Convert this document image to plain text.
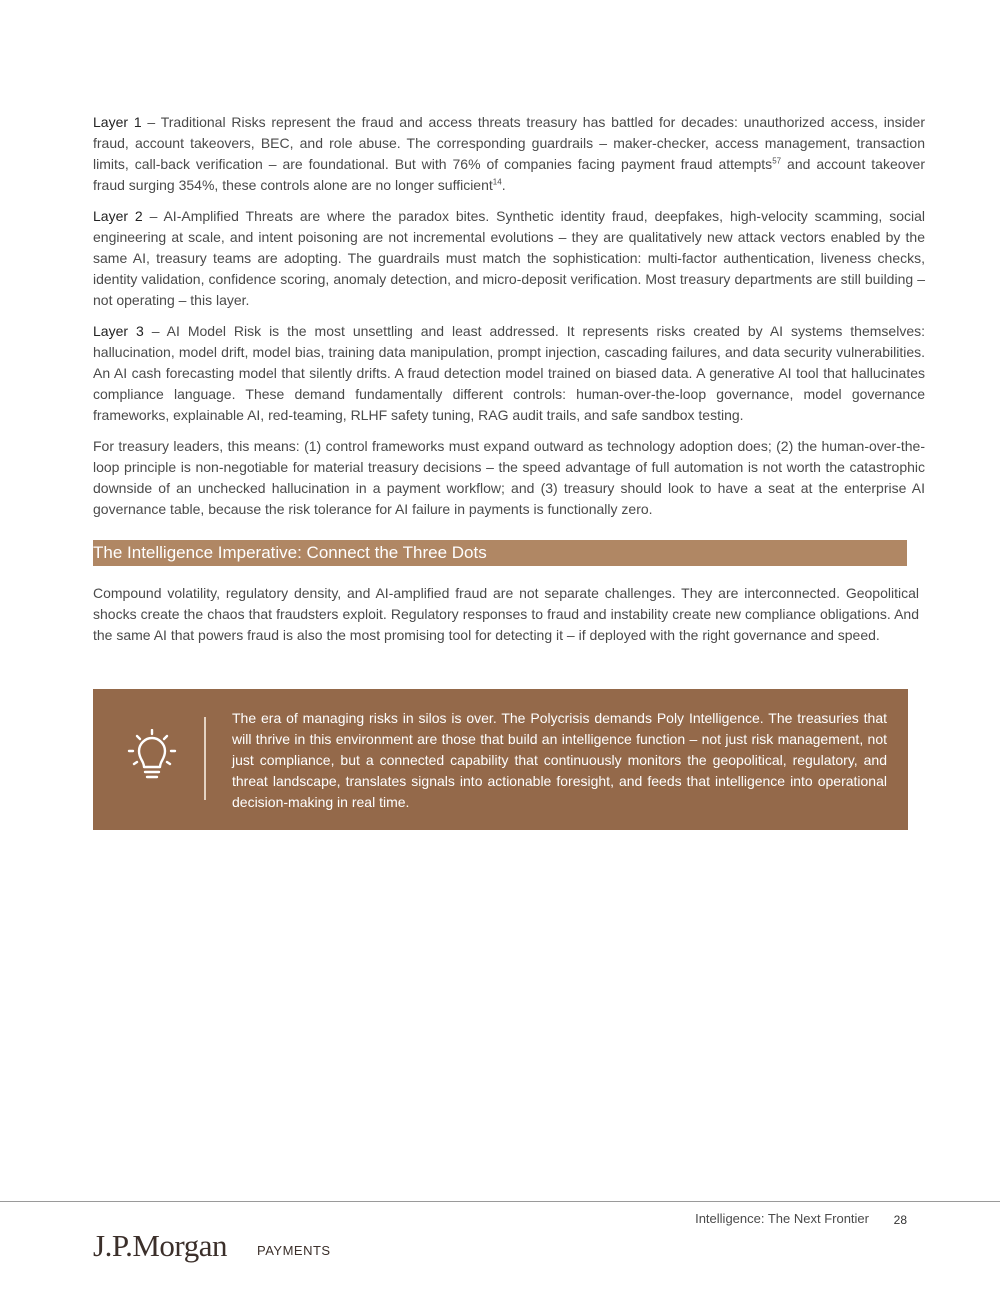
Layer 1 – Traditional Risks represent the fraud and access threats treasury has battled for decades: unauthorized access, insider fraud, account takeovers, BEC, and role abuse. The corresponding guardrails – maker-checker, access management, transaction limits, call-back verification – are foundational. But with 76% of companies facing payment fraud attempts$^{57}$ and account takeover fraud surging 354%, these controls alone are no longer sufficient$^{14}$.

Layer 2 – AI-Amplified Threats are where the paradox bites. Synthetic identity fraud, deepfakes, high-velocity scamming, social engineering at scale, and intent poisoning are not incremental evolutions – they are qualitatively new attack vectors enabled by the same AI, treasury teams are adopting. The guardrails must match the sophistication: multi-factor authentication, liveness checks, identity validation, confidence scoring, anomaly detection, and micro-deposit verification. Most treasury departments are still building – not operating – this layer.

Layer 3 – AI Model Risk is the most unsettling and least addressed. It represents risks created by AI systems themselves: hallucination, model drift, model bias, training data manipulation, prompt injection, cascading failures, and data security vulnerabilities. An AI cash forecasting model that silently drifts. A fraud detection model trained on biased data. A generative AI tool that hallucinates compliance language. These demand fundamentally different controls: human-over-the-loop governance, model governance frameworks, explainable AI, red-teaming, RLHF safety tuning, RAG audit trails, and safe sandbox testing.

For treasury leaders, this means: (1) control frameworks must expand outward as technology adoption does; (2) the human-over-the-loop principle is non-negotiable for material treasury decisions – the speed advantage of full automation is not worth the catastrophic downside of an unchecked hallucination in a payment workflow; and (3) treasury should look to have a seat at the enterprise AI governance table, because the risk tolerance for AI failure in payments is functionally zero.

The Intelligence Imperative: Connect the Three Dots

Compound volatility, regulatory density, and AI-amplified fraud are not separate challenges. They are interconnected. Geopolitical shocks create the chaos that fraudsters exploit. Regulatory responses to fraud and instability create new compliance obligations. And the same AI that powers fraud is also the most promising tool for detecting it – if deployed with the right governance and speed.

The era of managing risks in silos is over. The Polycrisis demands Poly Intelligence. The treasuries that will thrive in this environment are those that build an intelligence function – not just risk management, not just compliance, but a connected capability that continuously monitors the geopolitical, regulatory, and threat landscape, translates signals into actionable foresight, and feeds that intelligence into operational decision-making in real time.
Intelligence: The Next Frontier	28
J.P.Morgan PAYMENTS
